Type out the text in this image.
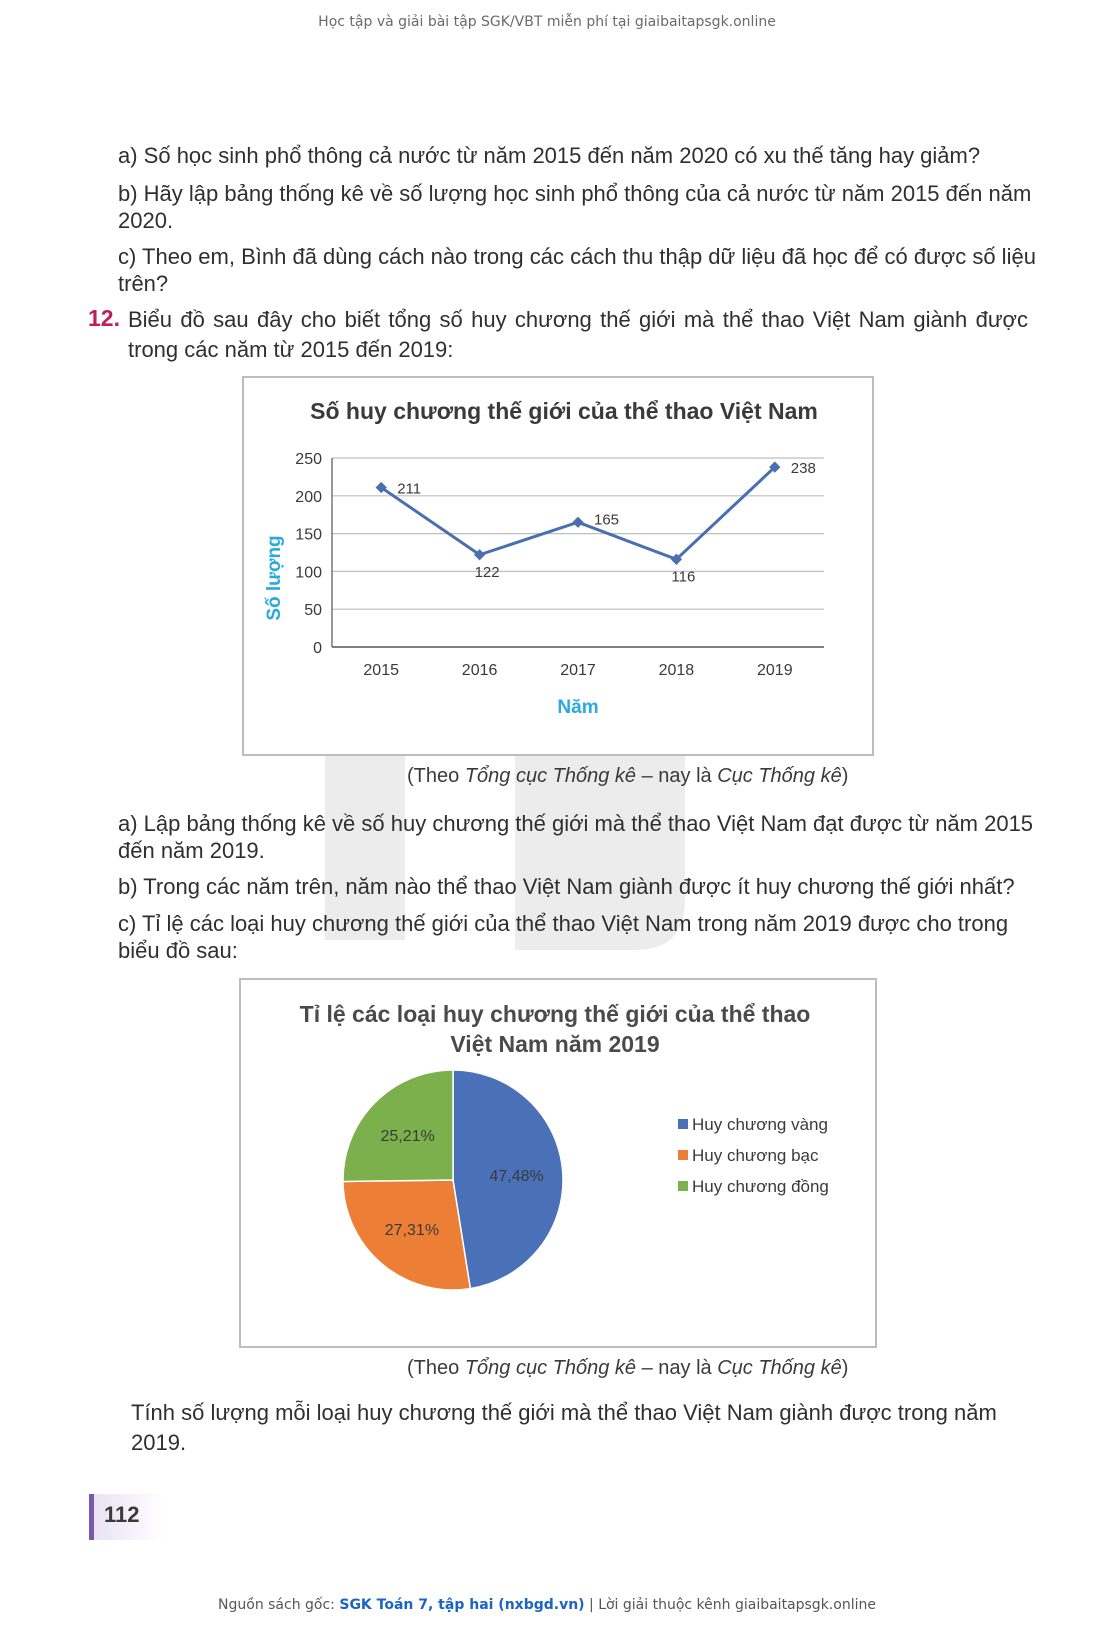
Học tập và giải bài tập SGK/VBT miễn phí tại giaibaitapsgk.online
a) Số học sinh phổ thông cả nước từ năm 2015 đến năm 2020 có xu thế tăng hay giảm?
b) Hãy lập bảng thống kê về số lượng học sinh phổ thông của cả nước từ năm 2015 đến năm 2020.
c) Theo em, Bình đã dùng cách nào trong các cách thu thập dữ liệu đã học để có được số liệu trên?
12. Biểu đồ sau đây cho biết tổng số huy chương thế giới mà thể thao Việt Nam giành được trong các năm từ 2015 đến 2019:
Số huy chương thế giới của thể thao Việt Nam
Số lượng
Năm
0
50
100
150
200
250
2015	2016	2017	2018	2019
211
122
165
116
238
(Theo Tổng cục Thống kê – nay là Cục Thống kê)
a) Lập bảng thống kê về số huy chương thế giới mà thể thao Việt Nam đạt được từ năm 2015 đến năm 2019.
b) Trong các năm trên, năm nào thể thao Việt Nam giành được ít huy chương thế giới nhất?
c) Tỉ lệ các loại huy chương thế giới của thể thao Việt Nam trong năm 2019 được cho trong biểu đồ sau:
Tỉ lệ các loại huy chương thế giới của thể thao
Việt Nam năm 2019
47,48%
27,31%
25,21%
Huy chương vàng
Huy chương bạc
Huy chương đồng
(Theo Tổng cục Thống kê – nay là Cục Thống kê)
Tính số lượng mỗi loại huy chương thế giới mà thể thao Việt Nam giành được trong năm 2019.
112
Nguồn sách gốc: SGK Toán 7, tập hai (nxbgd.vn) | Lời giải thuộc kênh giaibaitapsgk.online
